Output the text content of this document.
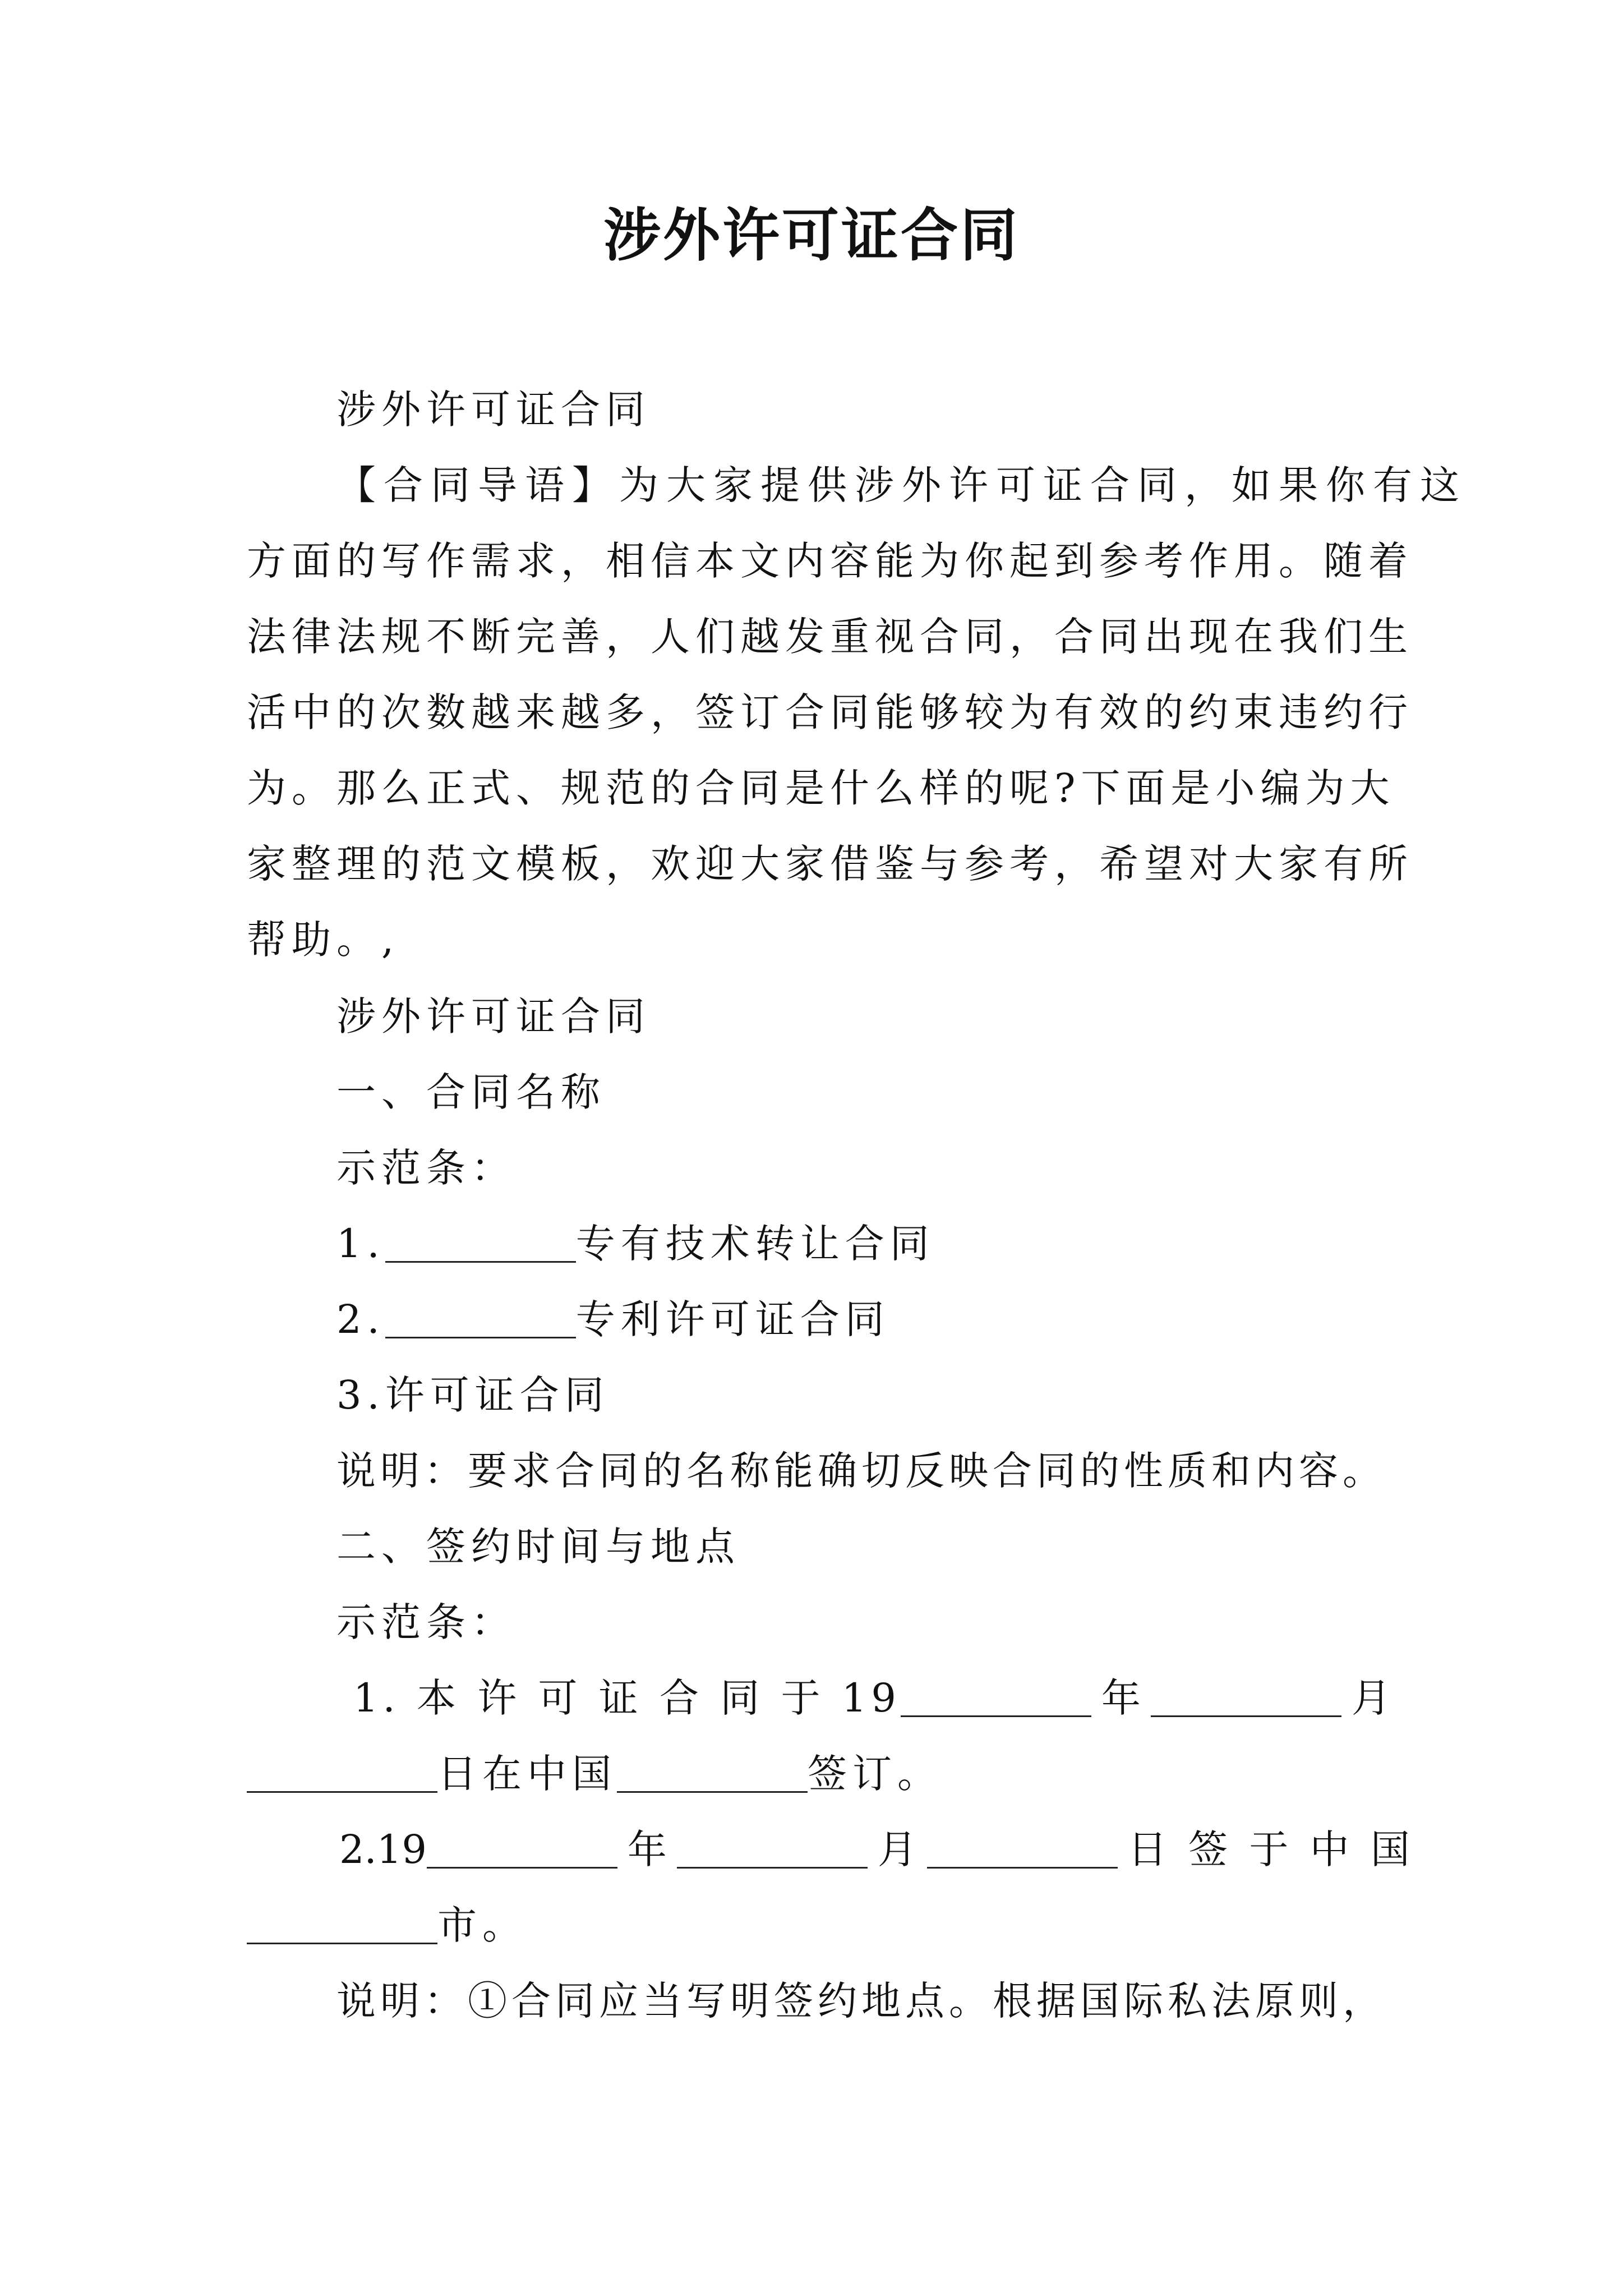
涉外许可证合同
涉外许可证合同
【合同导语】为大家提供涉外许可证合同，如果你有这
方面的写作需求，相信本文内容能为你起到参考作用。随着
法律法规不断完善，人们越发重视合同，合同出现在我们生
活中的次数越来越多，签订合同能够较为有效的约束违约行
为。那么正式、规范的合同是什么样的呢?下面是小编为大
家整理的范文模板，欢迎大家借鉴与参考，希望对大家有所
帮助。,
涉外许可证合同
一、合同名称
示范条：
1.	专有技术转让合同
2.	专利许可证合同
3.许可证合同
说明：要求合同的名称能确切反映合同的性质和内容。
二、签约时间与地点
示范条：
1. 本 许 可 证 合 同 于 19	年	月
日在中国	签订。
2.19	年	月	日 签 于 中 国
市。
说明：①合同应当写明签约地点。根据国际私法原则，
